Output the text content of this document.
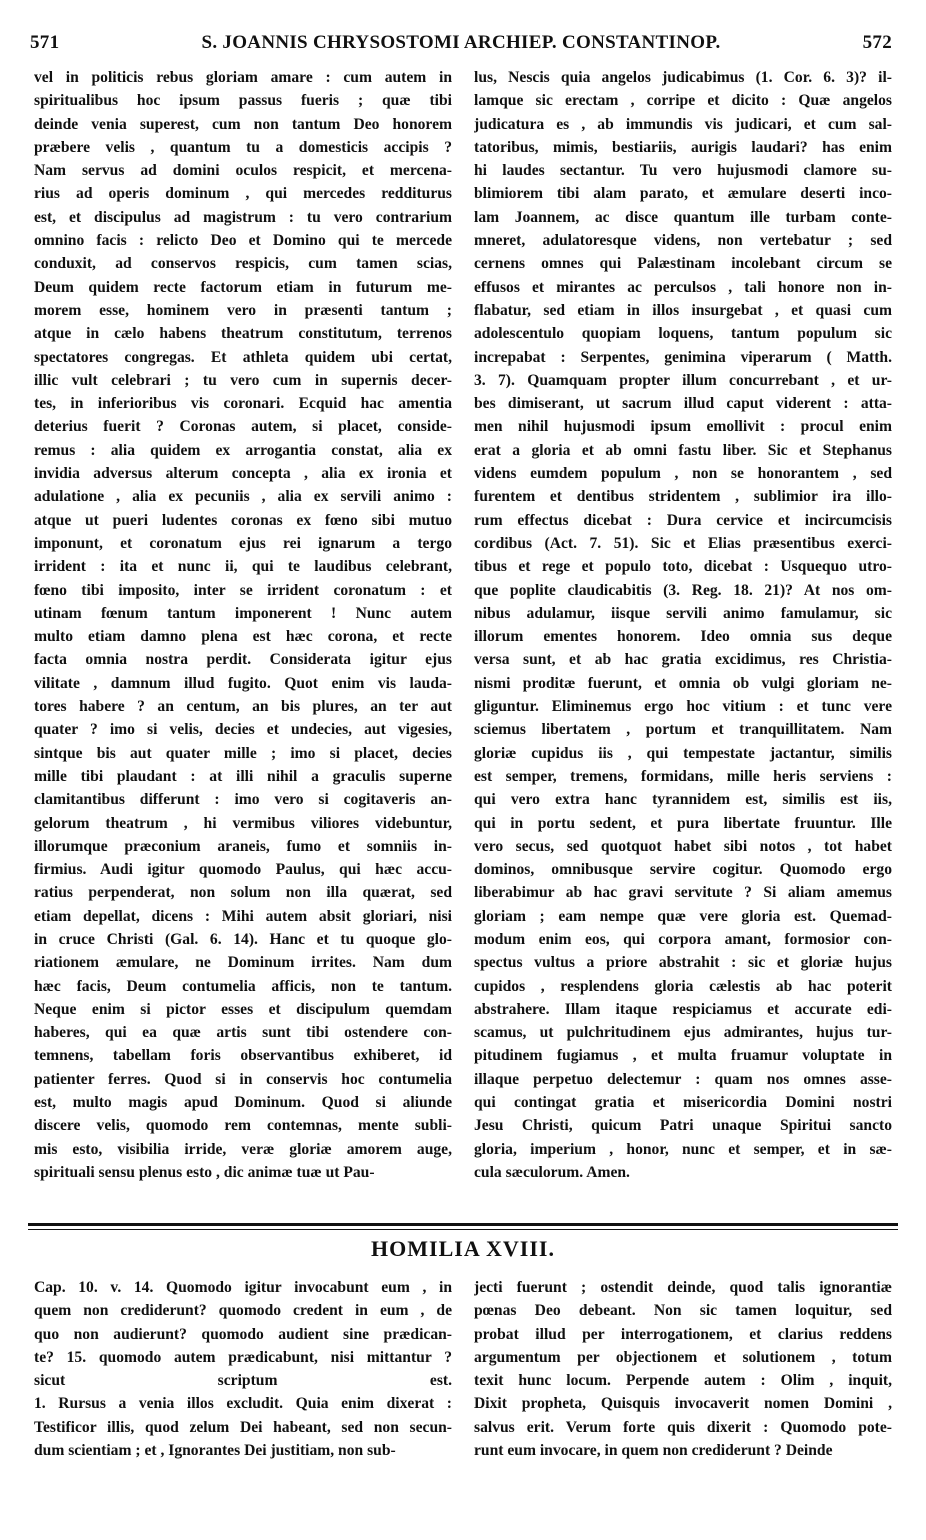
571	S. JOANNIS CHRYSOSTOMI ARCHIEP. CONSTANTINOP.	572
vel in politicis rebus gloriam amare : cum autem in
spiritualibus hoc ipsum passus fueris ; quæ tibi
deinde venia superest, cum non tantum Deo honorem
præbere velis , quantum tu a domesticis accipis ?
Nam servus ad domini oculos respicit, et mercena-
rius ad operis dominum , qui mercedes redditurus
est, et discipulus ad magistrum : tu vero contrarium
omnino facis : relicto Deo et Domino qui te mercede
conduxit, ad conservos respicis, cum tamen scias,
Deum quidem recte factorum etiam in futurum me-
morem esse, hominem vero in præsenti tantum ;
atque in cælo habens theatrum constitutum, terrenos
spectatores congregas. Et athleta quidem ubi certat,
illic vult celebrari ; tu vero cum in supernis decer-
tes, in inferioribus vis coronari. Ecquid hac amentia
deterius fuerit ? Coronas autem, si placet, conside-
remus : alia quidem ex arrogantia constat, alia ex
invidia adversus alterum concepta , alia ex ironia et
adulatione , alia ex pecuniis , alia ex servili animo :
atque ut pueri ludentes coronas ex fœno sibi mutuo
imponunt, et coronatum ejus rei ignarum a tergo
irrident : ita et nunc ii, qui te laudibus celebrant,
fœno tibi imposito, inter se irrident coronatum : et
utinam fœnum tantum imponerent ! Nunc autem
multo etiam damno plena est hæc corona, et recte
facta omnia nostra perdit. Considerata igitur ejus
vilitate , damnum illud fugito. Quot enim vis lauda-
tores habere ? an centum, an bis plures, an ter aut
quater ? imo si velis, decies et undecies, aut vigesies,
sintque bis aut quater mille ; imo si placet, decies
mille tibi plaudant : at illi nihil a graculis superne
clamitantibus differunt : imo vero si cogitaveris an-
gelorum theatrum , hi vermibus viliores videbuntur,
illorumque præconium araneis, fumo et somniis in-
firmius. Audi igitur quomodo Paulus, qui hæc accu-
ratius perpenderat, non solum non illa quærat, sed
etiam depellat, dicens : Mihi autem absit gloriari, nisi
in cruce Christi (Gal. 6. 14). Hanc et tu quoque glo-
riationem æmulare, ne Dominum irrites. Nam dum
hæc facis, Deum contumelia afficis, non te tantum.
Neque enim si pictor esses et discipulum quemdam
haberes, qui ea quæ artis sunt tibi ostendere con-
temnens, tabellam foris observantibus exhiberet, id
patienter ferres. Quod si in conservis hoc contumelia
est, multo magis apud Dominum. Quod si aliunde
discere velis, quomodo rem contemnas, mente subli-
mis esto, visibilia irride, veræ gloriæ amorem auge,
spirituali sensu plenus esto , dic animæ tuæ ut Pau-
lus, Nescis quia angelos judicabimus (1. Cor. 6. 3)? il-
lamque sic erectam , corripe et dicito : Quæ angelos
judicatura es , ab immundis vis judicari, et cum sal-
tatoribus, mimis, bestiariis, aurigis laudari? has enim
hi laudes sectantur. Tu vero hujusmodi clamore su-
blimiorem tibi alam parato, et æmulare deserti inco-
lam Joannem, ac disce quantum ille turbam conte-
mneret, adulatoresque videns, non vertebatur ; sed
cernens omnes qui Palæstinam incolebant circum se
effusos et mirantes ac perculsos , tali honore non in-
flabatur, sed etiam in illos insurgebat , et quasi cum
adolescentulo quopiam loquens, tantum populum sic
increpabat : Serpentes, genimina viperarum ( Matth.
3. 7). Quamquam propter illum concurrebant , et ur-
bes dimiserant, ut sacrum illud caput viderent : atta-
men nihil hujusmodi ipsum emollivit : procul enim
erat a gloria et ab omni fastu liber. Sic et Stephanus
videns eumdem populum , non se honorantem , sed
furentem et dentibus stridentem , sublimior ira illo-
rum effectus dicebat : Dura cervice et incircumcisis
cordibus (Act. 7. 51). Sic et Elias præsentibus exerci-
tibus et rege et populo toto, dicebat : Usquequo utro-
que poplite claudicabitis (3. Reg. 18. 21)? At nos om-
nibus adulamur, iisque servili animo famulamur, sic
illorum ementes honorem. Ideo omnia sus deque
versa sunt, et ab hac gratia excidimus, res Christia-
nismi proditæ fuerunt, et omnia ob vulgi gloriam ne-
gliguntur. Eliminemus ergo hoc vitium : et tunc vere
sciemus libertatem , portum et tranquillitatem. Nam
gloriæ cupidus iis , qui tempestate jactantur, similis
est semper, tremens, formidans, mille heris serviens :
qui vero extra hanc tyrannidem est, similis est iis,
qui in portu sedent, et pura libertate fruuntur. Ille
vero secus, sed quotquot habet sibi notos , tot habet
dominos, omnibusque servire cogitur. Quomodo ergo
liberabimur ab hac gravi servitute ? Si aliam amemus
gloriam ; eam nempe quæ vere gloria est. Quemad-
modum enim eos, qui corpora amant, formosior con-
spectus vultus a priore abstrahit : sic et gloriæ hujus
cupidos , resplendens gloria cælestis ab hac poterit
abstrahere. Illam itaque respiciamus et accurate edi-
scamus, ut pulchritudinem ejus admirantes, hujus tur-
pitudinem fugiamus , et multa fruamur voluptate in
illaque perpetuo delectemur : quam nos omnes asse-
qui contingat gratia et misericordia Domini nostri
Jesu Christi, quicum Patri unaque Spiritui sancto
gloria, imperium , honor, nunc et semper, et in sæ-
cula sæculorum. Amen.
HOMILIA XVIII.
Cap. 10. v. 14. Quomodo igitur invocabunt eum , in
quem non crediderunt? quomodo credent in eum , de
quo non audierunt? quomodo audient sine prædican-
te? 15. quomodo autem prædicabunt, nisi mittantur ?
sicut scriptum est.
1. Rursus a venia illos excludit. Quia enim dixerat :
Testificor illis, quod zelum Dei habeant, sed non secun-
dum scientiam ; et , Ignorantes Dei justitiam, non sub-
jecti fuerunt ; ostendit deinde, quod talis ignorantiæ
pœnas Deo debeant. Non sic tamen loquitur, sed
probat illud per interrogationem, et clarius reddens
argumentum per objectionem et solutionem , totum
texit hunc locum. Perpende autem : Olim , inquit,
Dixit propheta, Quisquis invocaverit nomen Domini ,
salvus erit. Verum forte quis dixerit : Quomodo pote-
runt eum invocare, in quem non crediderunt ? Deinde
